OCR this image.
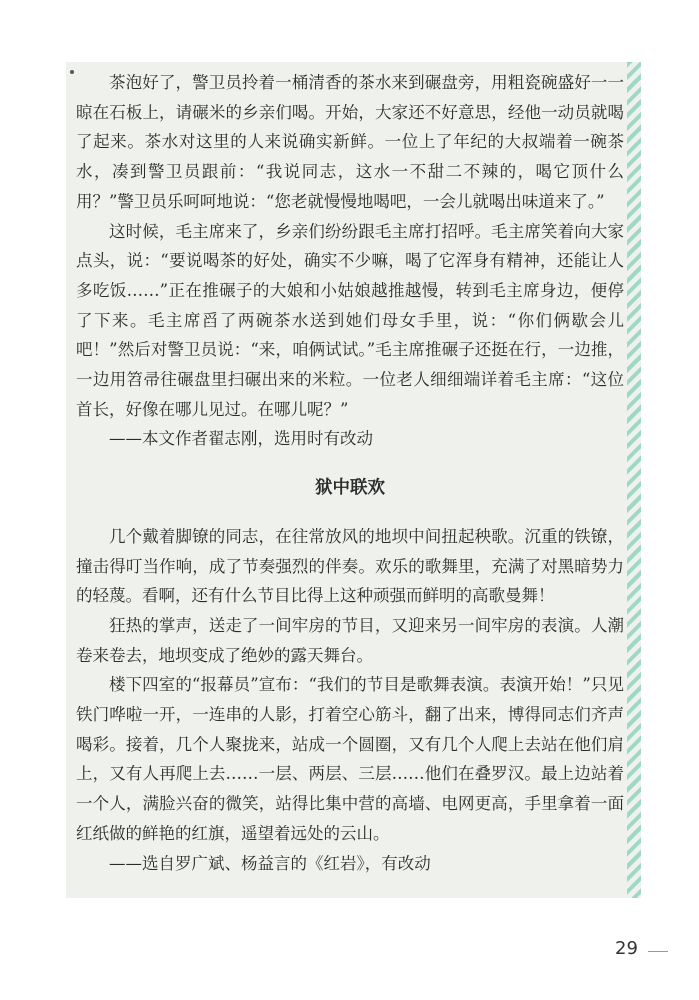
茶泡好了，警卫员拎着一桶清香的茶水来到碾盘旁，用粗瓷碗盛好一一晾在石板上，请碾米的乡亲们喝。开始，大家还不好意思，经他一动员就喝了起来。茶水对这里的人来说确实新鲜。一位上了年纪的大叔端着一碗茶水，凑到警卫员跟前：“我说同志，这水一不甜二不辣的，喝它顶什么用？”警卫员乐呵呵地说：“您老就慢慢地喝吧，一会儿就喝出味道来了。”

这时候，毛主席来了，乡亲们纷纷跟毛主席打招呼。毛主席笑着向大家点头，说：“要说喝茶的好处，确实不少嘛，喝了它浑身有精神，还能让人多吃饭……”正在推碾子的大娘和小姑娘越推越慢，转到毛主席身边，便停了下来。毛主席舀了两碗茶水送到她们母女手里，说：“你们俩歇会儿吧！”然后对警卫员说：“来，咱俩试试。”毛主席推碾子还挺在行，一边推，一边用笤帚往碾盘里扫碾出来的米粒。一位老人细细端详着毛主席：“这位首长，好像在哪儿见过。在哪儿呢？”

——本文作者翟志刚，选用时有改动

狱中联欢

几个戴着脚镣的同志，在往常放风的地坝中间扭起秧歌。沉重的铁镣，撞击得叮当作响，成了节奏强烈的伴奏。欢乐的歌舞里，充满了对黑暗势力的轻蔑。看啊，还有什么节目比得上这种顽强而鲜明的高歌曼舞！

狂热的掌声，送走了一间牢房的节目，又迎来另一间牢房的表演。人潮卷来卷去，地坝变成了绝妙的露天舞台。

楼下四室的“报幕员”宣布：“我们的节目是歌舞表演。表演开始！”只见铁门哗啦一开，一连串的人影，打着空心筋斗，翻了出来，博得同志们齐声喝彩。接着，几个人聚拢来，站成一个圆圈，又有几个人爬上去站在他们肩上，又有人再爬上去……一层、两层、三层……他们在叠罗汉。最上边站着一个人，满脸兴奋的微笑，站得比集中营的高墙、电网更高，手里拿着一面红纸做的鲜艳的红旗，遥望着远处的云山。

——选自罗广斌、杨益言的《红岩》，有改动

29
